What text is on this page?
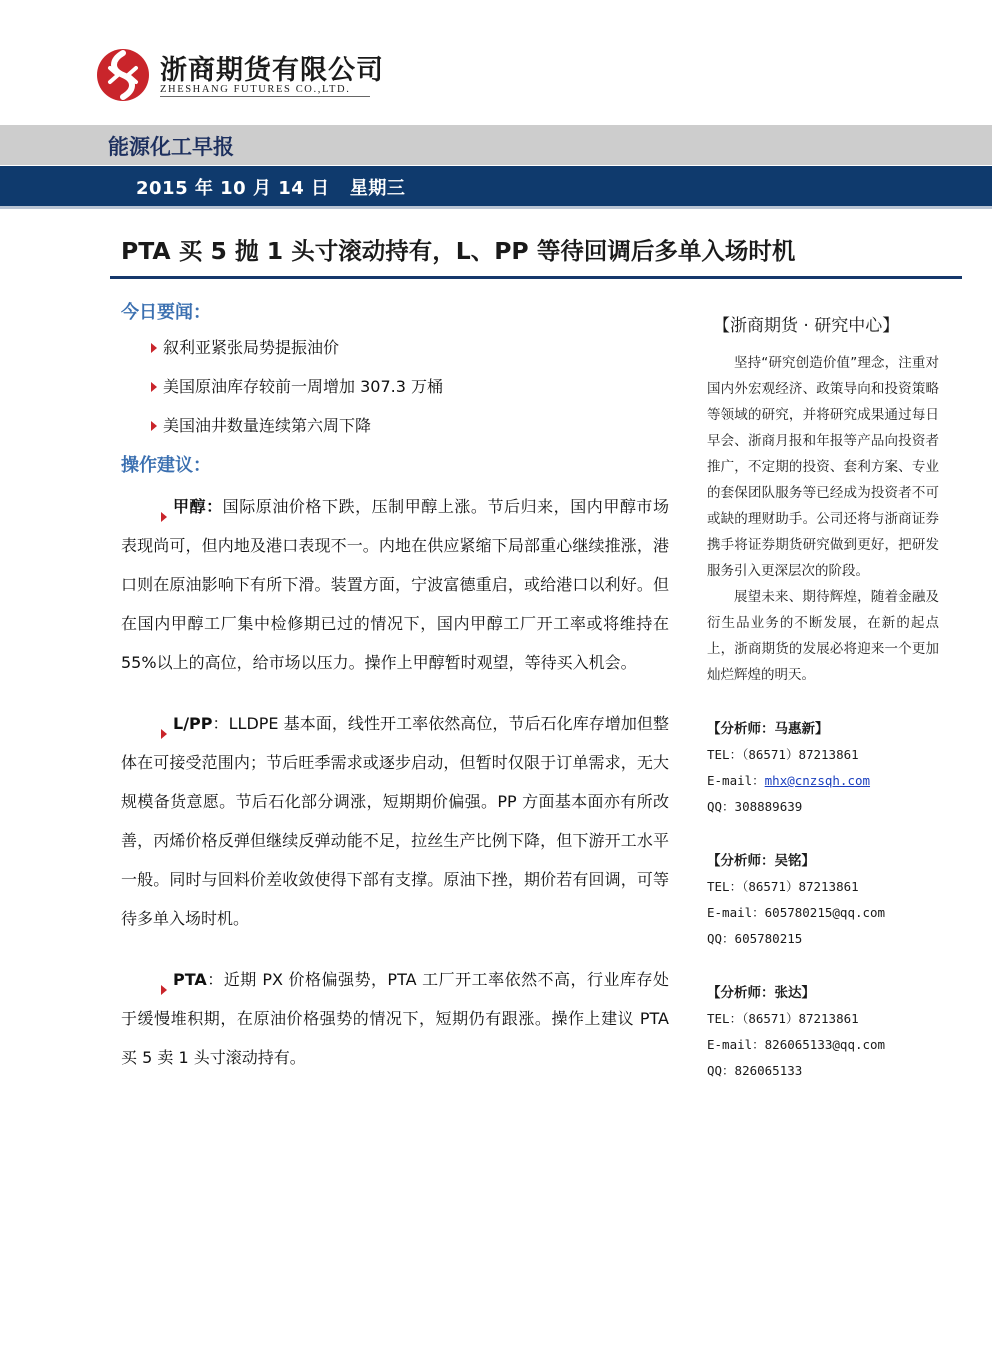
浙商期货有限公司
ZHESHANG FUTURES CO.,LTD.
能源化工早报
2015 年 10 月 14 日   星期三
PTA 买 5 抛 1 头寸滚动持有，L、PP 等待回调后多单入场时机
今日要闻：
叙利亚紧张局势提振油价
美国原油库存较前一周增加 307.3 万桶
美国油井数量连续第六周下降
操作建议：
甲醇：国际原油价格下跌，压制甲醇上涨。节后归来，国内甲醇市场表现尚可，但内地及港口表现不一。内地在供应紧缩下局部重心继续推涨，港口则在原油影响下有所下滑。装置方面，宁波富德重启，或给港口以利好。但在国内甲醇工厂集中检修期已过的情况下，国内甲醇工厂开工率或将维持在 55%以上的高位，给市场以压力。操作上甲醇暂时观望，等待买入机会。
L/PP：LLDPE 基本面，线性开工率依然高位，节后石化库存增加但整体在可接受范围内；节后旺季需求或逐步启动，但暂时仅限于订单需求，无大规模备货意愿。节后石化部分调涨，短期期价偏强。PP 方面基本面亦有所改善，丙烯价格反弹但继续反弹动能不足，拉丝生产比例下降，但下游开工水平一般。同时与回料价差收敛使得下部有支撑。原油下挫，期价若有回调，可等待多单入场时机。
PTA：近期 PX 价格偏强势，PTA 工厂开工率依然不高，行业库存处于缓慢堆积期，在原油价格强势的情况下，短期仍有跟涨。操作上建议 PTA 买 5 卖 1 头寸滚动持有。
【浙商期货 · 研究中心】
坚持“研究创造价值”理念，注重对国内外宏观经济、政策导向和投资策略等领域的研究，并将研究成果通过每日早会、浙商月报和年报等产品向投资者推广，不定期的投资、套利方案、专业的套保团队服务等已经成为投资者不可或缺的理财助手。公司还将与浙商证券携手将证券期货研究做到更好，把研发服务引入更深层次的阶段。
展望未来、期待辉煌，随着金融及衍生品业务的不断发展，在新的起点上，浙商期货的发展必将迎来一个更加灿烂辉煌的明天。
【分析师：马惠新】
TEL：（86571）87213861
E-mail：mhx@cnzsqh.com
QQ：308889639
【分析师：吴铭】
TEL：（86571）87213861
E-mail：605780215@qq.com
QQ：605780215
【分析师：张达】
TEL：（86571）87213861
E-mail：826065133@qq.com
QQ：826065133
